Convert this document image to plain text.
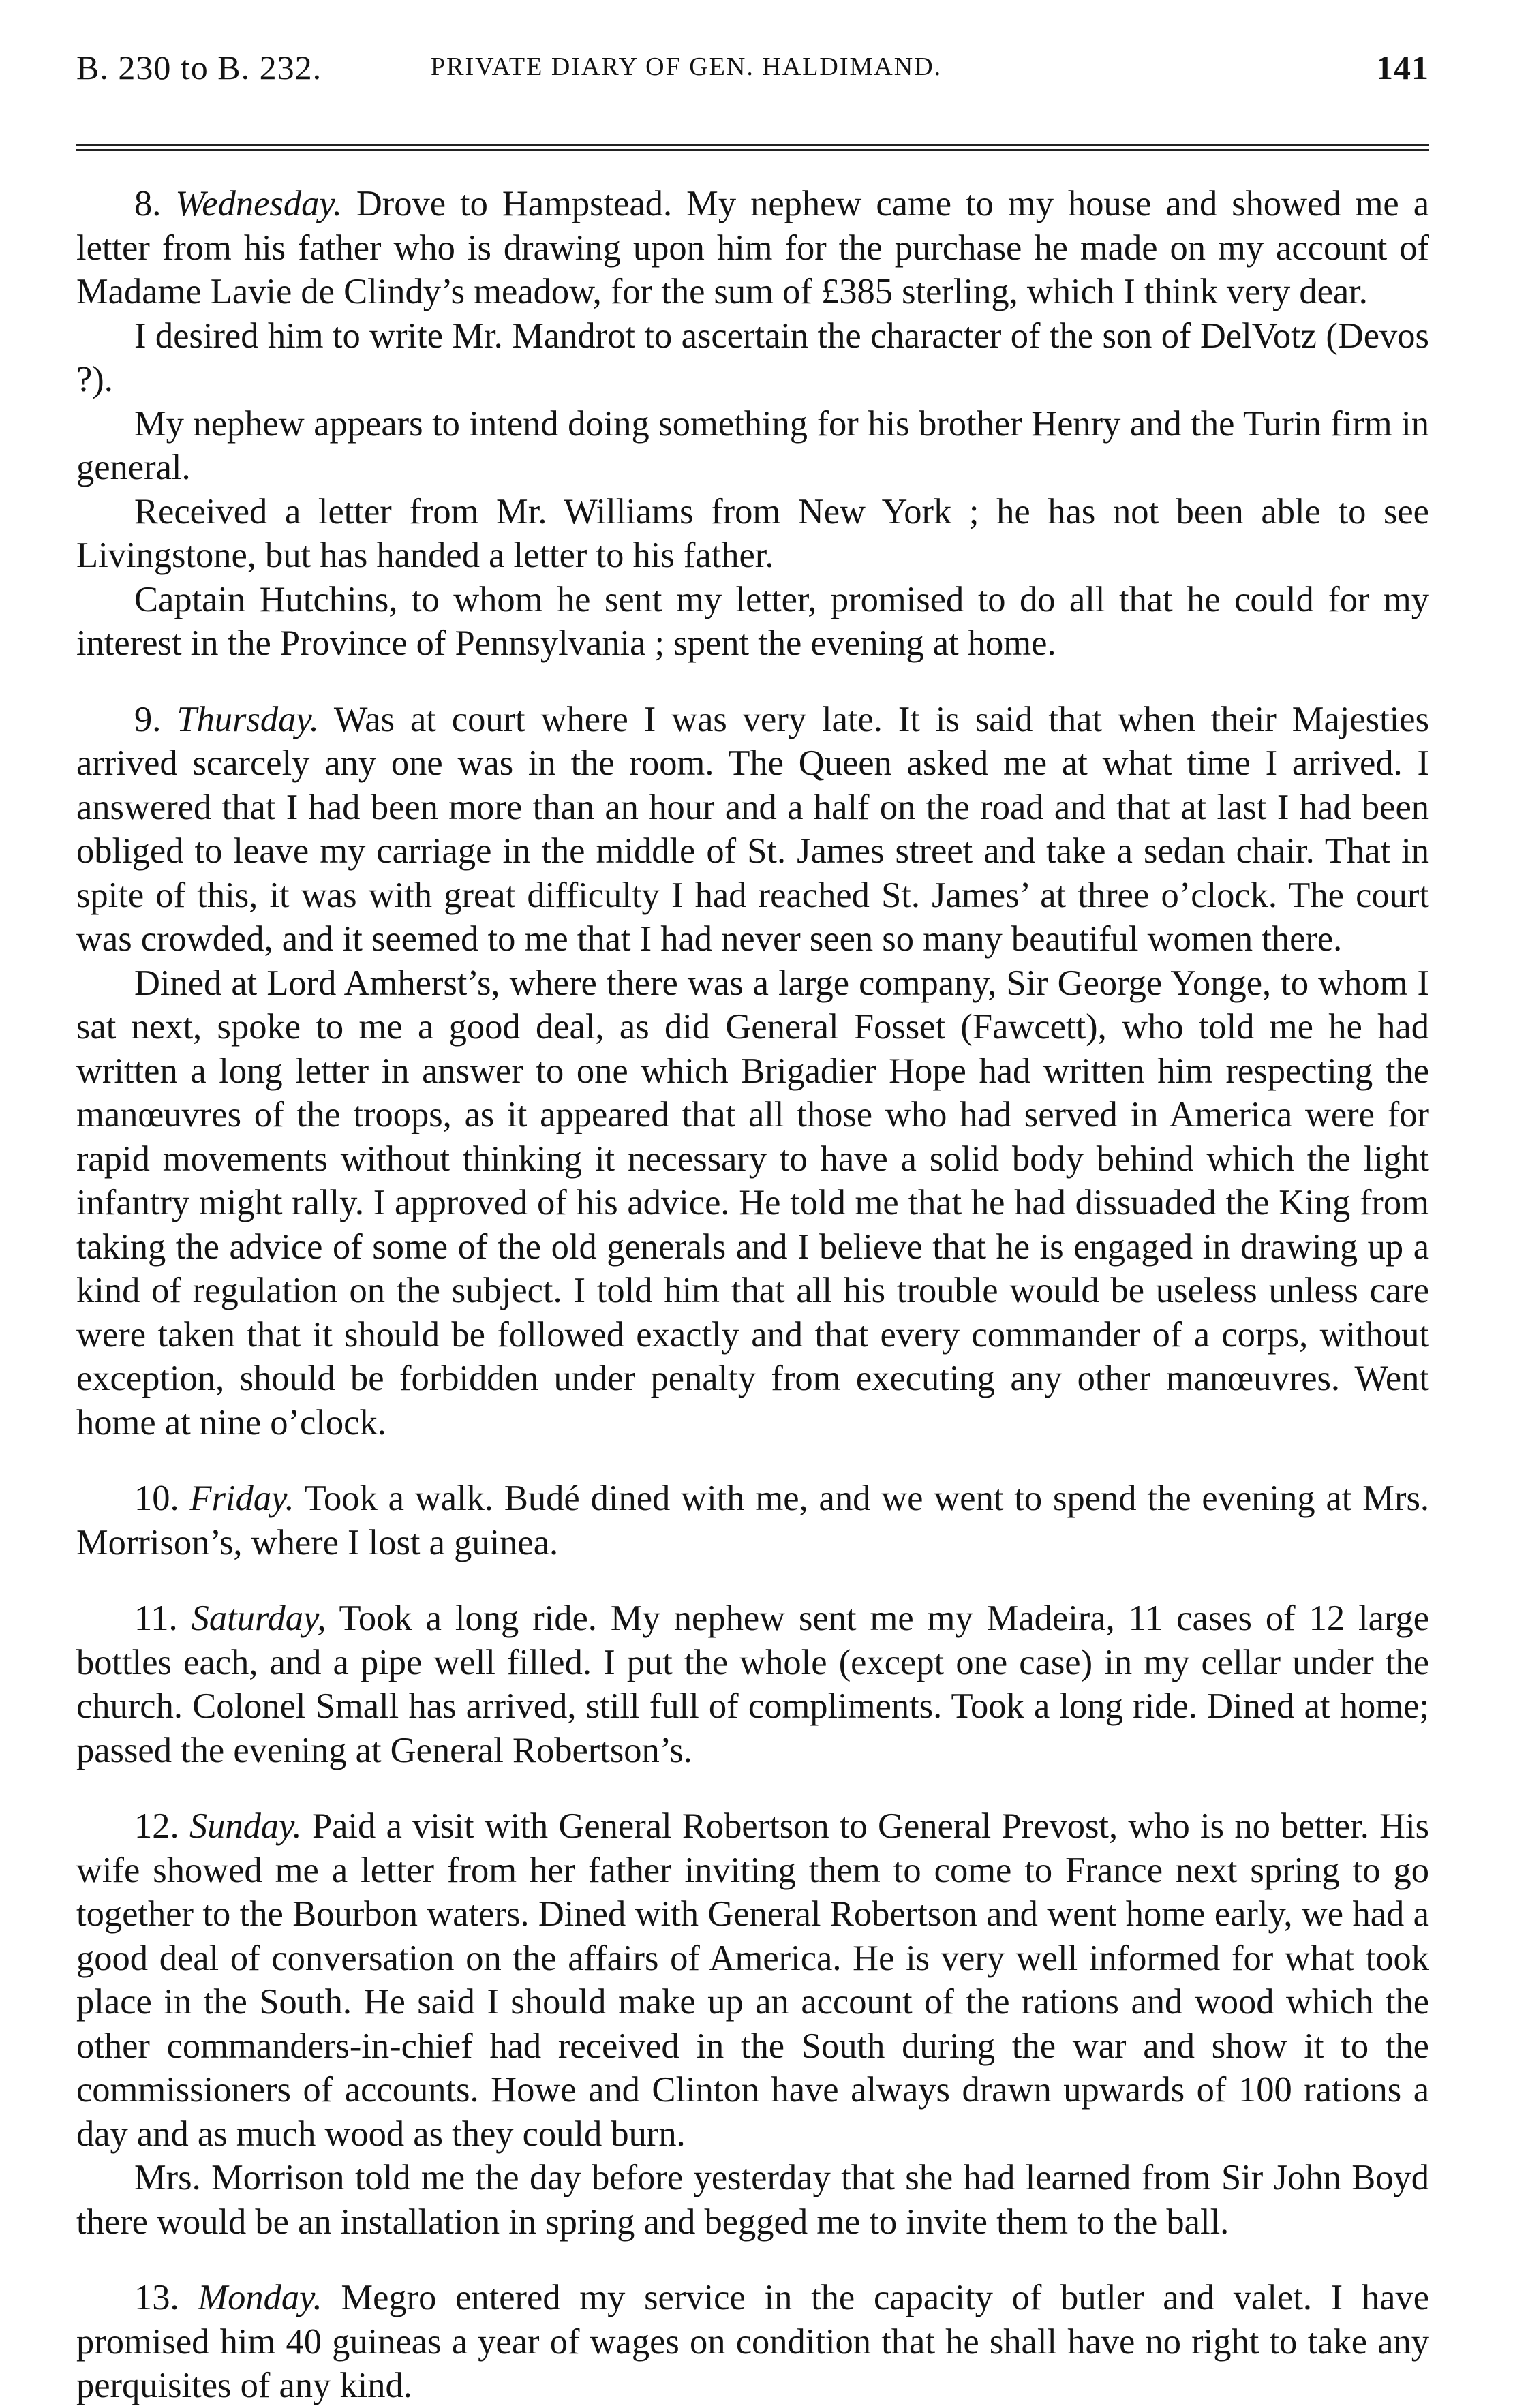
B. 230 to B. 232.	PRIVATE DIARY OF GEN. HALDIMAND.	141

8. Wednesday. Drove to Hampstead. My nephew came to my house and showed me a letter from his father who is drawing upon him for the purchase he made on my account of Madame Lavie de Clindy’s meadow, for the sum of £385 sterling, which I think very dear.

I desired him to write Mr. Mandrot to ascertain the character of the son of DelVotz (Devos ?).

My nephew appears to intend doing something for his brother Henry and the Turin firm in general.

Received a letter from Mr. Williams from New York ; he has not been able to see Livingstone, but has handed a letter to his father.

Captain Hutchins, to whom he sent my letter, promised to do all that he could for my interest in the Province of Pennsylvania ; spent the evening at home.

9. Thursday. Was at court where I was very late. It is said that when their Majesties arrived scarcely any one was in the room. The Queen asked me at what time I arrived. I answered that I had been more than an hour and a half on the road and that at last I had been obliged to leave my carriage in the middle of St. James street and take a sedan chair. That in spite of this, it was with great difficulty I had reached St. James’ at three o’clock. The court was crowded, and it seemed to me that I had never seen so many beautiful women there.

Dined at Lord Amherst’s, where there was a large company, Sir George Yonge, to whom I sat next, spoke to me a good deal, as did General Fosset (Fawcett), who told me he had written a long letter in answer to one which Brigadier Hope had written him respecting the manœuvres of the troops, as it appeared that all those who had served in America were for rapid movements without thinking it necessary to have a solid body behind which the light infantry might rally. I approved of his advice. He told me that he had dissuaded the King from taking the advice of some of the old generals and I believe that he is engaged in drawing up a kind of regulation on the subject. I told him that all his trouble would be useless unless care were taken that it should be followed exactly and that every commander of a corps, without exception, should be forbidden under penalty from executing any other manœuvres. Went home at nine o’clock.

10. Friday. Took a walk. Budé dined with me, and we went to spend the evening at Mrs. Morrison’s, where I lost a guinea.

11. Saturday, Took a long ride. My nephew sent me my Madeira, 11 cases of 12 large bottles each, and a pipe well filled. I put the whole (except one case) in my cellar under the church. Colonel Small has arrived, still full of compliments. Took a long ride. Dined at home; passed the evening at General Robertson’s.

12. Sunday. Paid a visit with General Robertson to General Prevost, who is no better. His wife showed me a letter from her father inviting them to come to France next spring to go together to the Bourbon waters. Dined with General Robertson and went home early, we had a good deal of conversation on the affairs of America. He is very well informed for what took place in the South. He said I should make up an account of the rations and wood which the other commanders-in-chief had received in the South during the war and show it to the commissioners of accounts. Howe and Clinton have always drawn upwards of 100 rations a day and as much wood as they could burn.

Mrs. Morrison told me the day before yesterday that she had learned from Sir John Boyd there would be an installation in spring and begged me to invite them to the ball.

13. Monday. Megro entered my service in the capacity of butler and valet. I have promised him 40 guineas a year of wages on condition that he shall have no right to take any perquisites of any kind.
